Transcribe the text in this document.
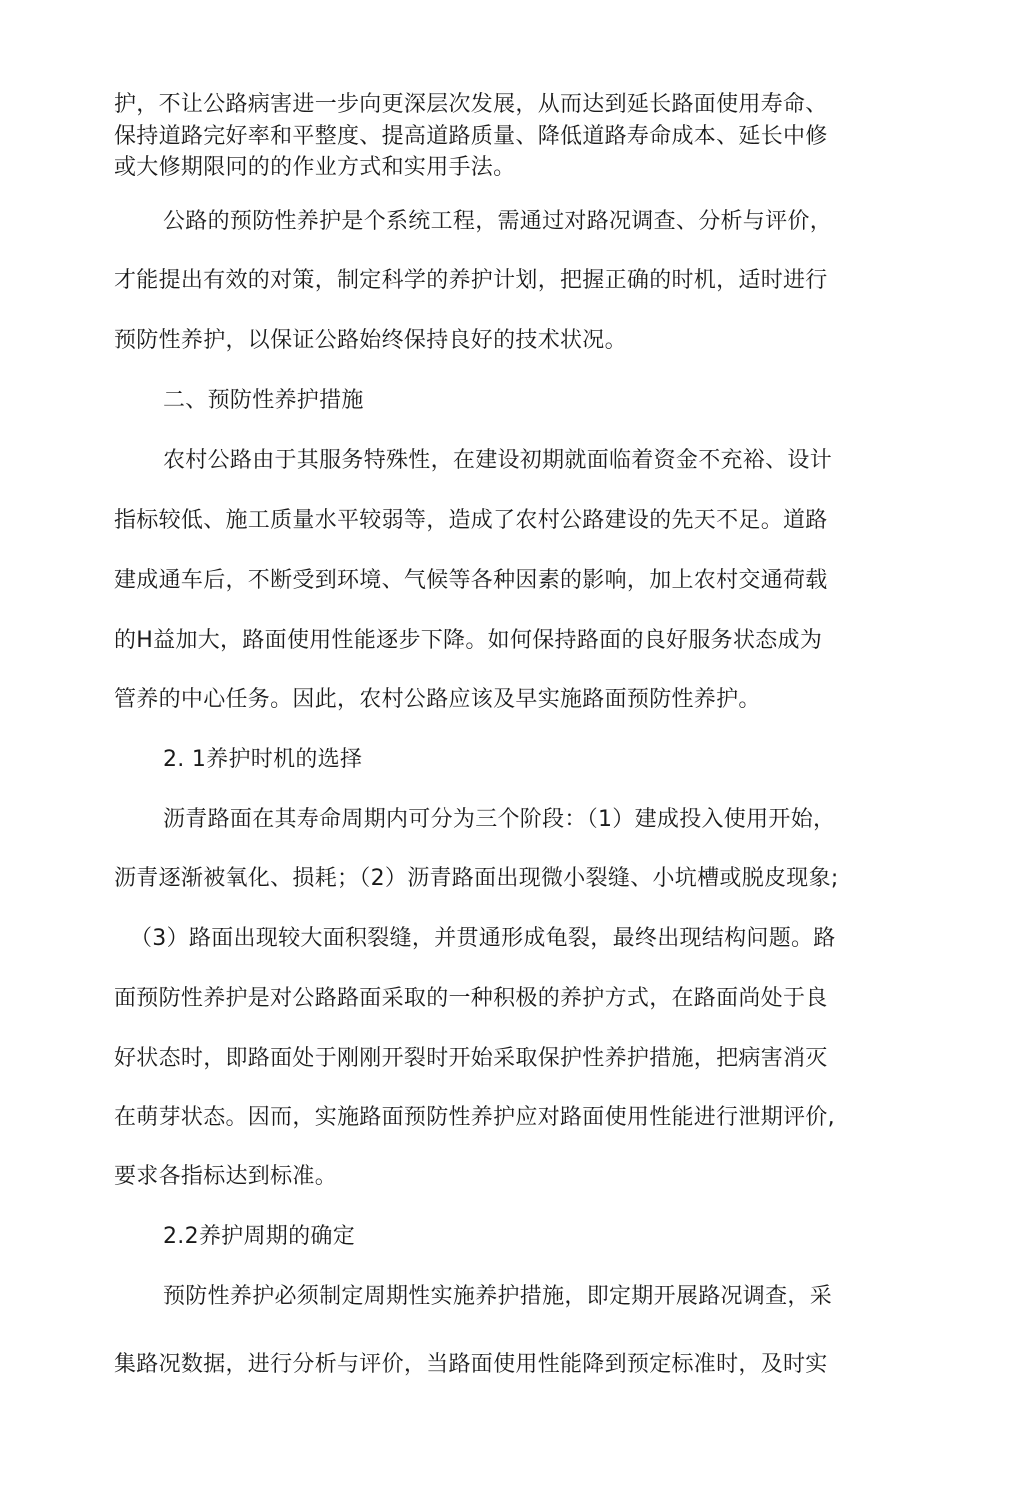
护，不让公路病害进一步向更深层次发展，从而达到延长路面使用寿命、
保持道路完好率和平整度、提高道路质量、降低道路寿命成本、延长中修
或大修期限冋的的作业方式和实用手法。
公路的预防性养护是个系统工程，需通过对路况调查、分析与评价，
才能提出有效的对策，制定科学的养护计划，把握正确的时机，适时进行
预防性养护，以保证公路始终保持良好的技术状况。
二、预防性养护措施
农村公路由于其服务特殊性，在建设初期就面临着资金不充裕、设计
指标较低、施工质量水平较弱等，造成了农村公路建设的先天不足。道路
建成通车后，不断受到环境、气候等各种因素的影响，加上农村交通荷载
的H益加大，路面使用性能逐步下降。如何保持路面的良好服务状态成为
管养的中心任务。因此，农村公路应该及早实施路面预防性养护。
2. 1养护时机的选择
沥青路面在其寿命周期内可分为三个阶段：（1）建成投入使用开始，
沥青逐渐被氧化、损耗；（2）沥青路面出现微小裂缝、小坑槽或脱皮现象;
（3）路面出现较大面积裂缝，并贯通形成龟裂，最终出现结构问题。路
面预防性养护是对公路路面采取的一种积极的养护方式，在路面尚处于良
好状态时，即路面处于刚刚开裂时开始采取保护性养护措施，把病害消灭
在萌芽状态。因而，实施路面预防性养护应对路面使用性能进行泄期评价,
要求各指标达到标准。
2.2养护周期的确定
预防性养护必须制定周期性实施养护措施，即定期开展路况调查，采
集路况数据，进行分析与评价，当路面使用性能降到预定标准时，及时实
